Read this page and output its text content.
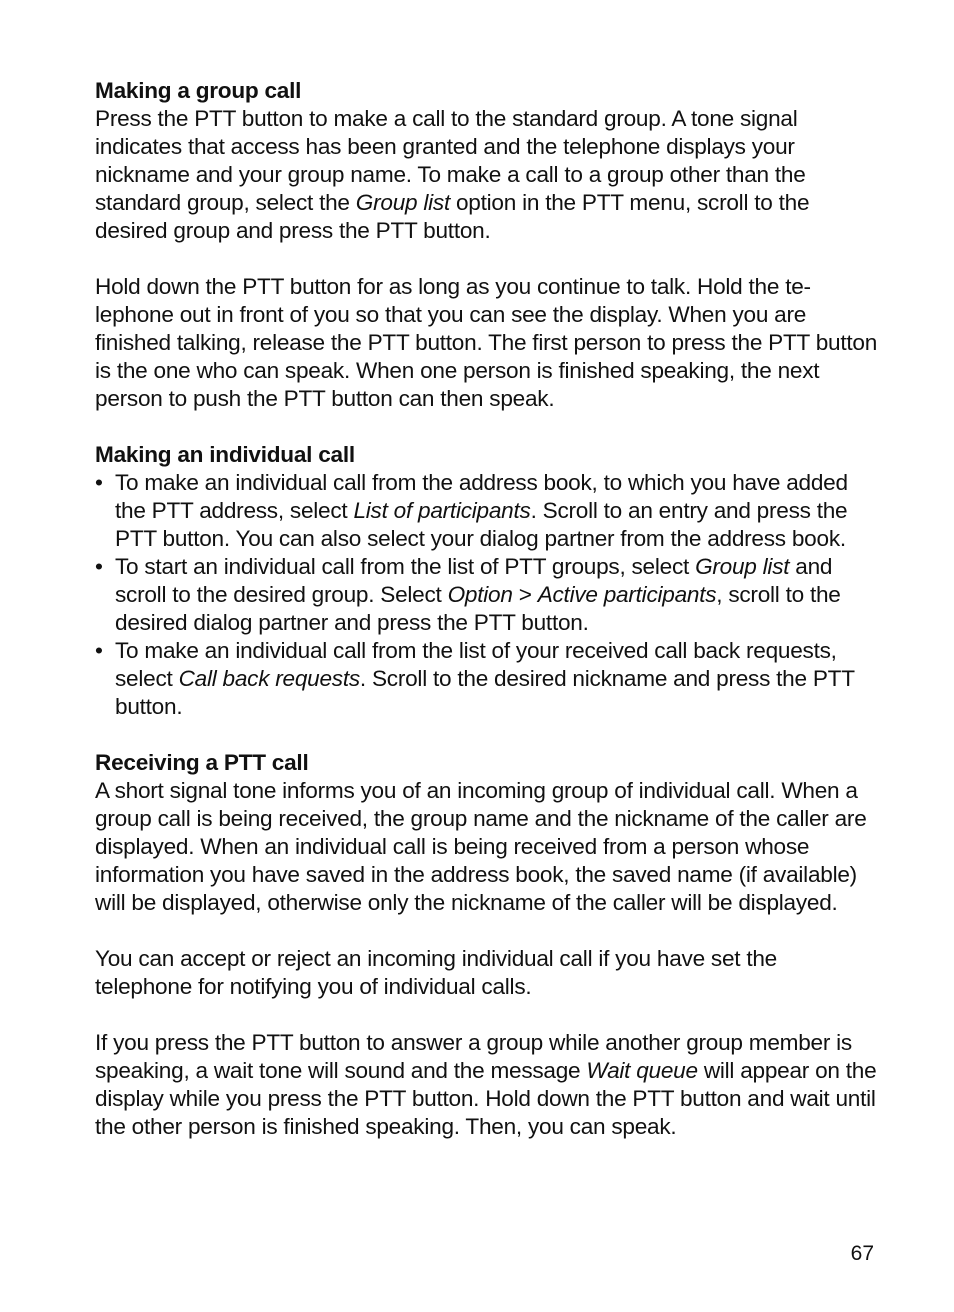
Making a group call

Press the PTT button to make a call to the standard group. A tone signal indicates that access has been granted and the telephone displays your nickname and your group name. To make a call to a group other than the standard group, select the Group list option in the PTT menu, scroll to the desired group and press the PTT button.

Hold down the PTT button for as long as you continue to talk. Hold the telephone out in front of you so that you can see the display. When you are finished talking, release the PTT button. The first person to press the PTT button is the one who can speak. When one person is finished speaking, the next person to push the PTT button can then speak.

Making an individual call
• To make an individual call from the address book, to which you have added the PTT address, select List of participants. Scroll to an entry and press the PTT button. You can also select your dialog partner from the address book.
• To start an individual call from the list of PTT groups, select Group list and scroll to the desired group. Select Option > Active participants, scroll to the desired dialog partner and press the PTT button.
• To make an individual call from the list of your received call back requests, select Call back requests. Scroll to the desired nickname and press the PTT button.
Receiving a PTT call

A short signal tone informs you of an incoming group of individual call. When a group call is being received, the group name and the nickname of the caller are displayed. When an individual call is being received from a person whose information you have saved in the address book, the saved name (if available) will be displayed, otherwise only the nickname of the caller will be displayed.

You can accept or reject an incoming individual call if you have set the telephone for notifying you of individual calls.

If you press the PTT button to answer a group while another group member is speaking, a wait tone will sound and the message Wait queue will appear on the display while you press the PTT button. Hold down the PTT button and wait until the other person is finished speaking. Then, you can speak.

67
